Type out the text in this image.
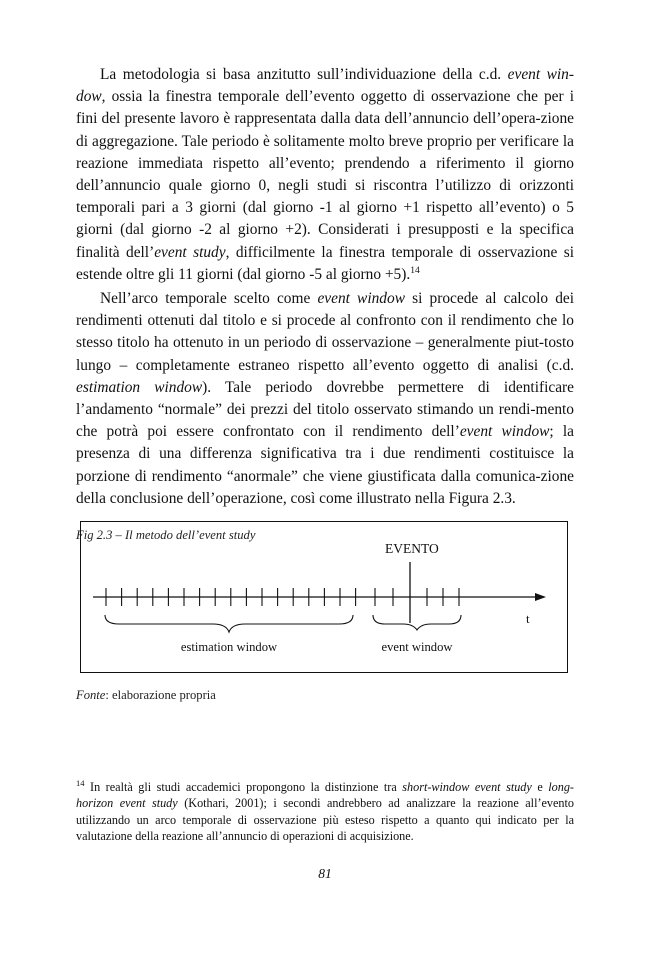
La metodologia si basa anzitutto sull’individuazione della c.d. event win-dow, ossia la finestra temporale dell’evento oggetto di osservazione che per i fini del presente lavoro è rappresentata dalla data dell’annuncio dell’opera-zione di aggregazione. Tale periodo è solitamente molto breve proprio per verificare la reazione immediata rispetto all’evento; prendendo a riferimento il giorno dell’annuncio quale giorno 0, negli studi si riscontra l’utilizzo di orizzonti temporali pari a 3 giorni (dal giorno -1 al giorno +1 rispetto all’evento) o 5 giorni (dal giorno -2 al giorno +2). Considerati i presupposti e la specifica finalità dell’event study, difficilmente la finestra temporale di osservazione si estende oltre gli 11 giorni (dal giorno -5 al giorno +5).$^{14}$

Nell’arco temporale scelto come event window si procede al calcolo dei rendimenti ottenuti dal titolo e si procede al confronto con il rendimento che lo stesso titolo ha ottenuto in un periodo di osservazione – generalmente piut-tosto lungo – completamente estraneo rispetto all’evento oggetto di analisi (c.d. estimation window). Tale periodo dovrebbe permettere di identificare l’andamento “normale” dei prezzi del titolo osservato stimando un rendi-mento che potrà poi essere confrontato con il rendimento dell’event window; la presenza di una differenza significativa tra i due rendimenti costituisce la porzione di rendimento “anormale” che viene giustificata dalla comunica-zione della conclusione dell’operazione, così come illustrato nella Figura 2.3.

Fig 2.3 – Il metodo dell’event study

EVENTO
t
estimation window	event window
Fonte: elaborazione propria
$^{14}$ In realtà gli studi accademici propongono la distinzione tra short-window event study e long-horizon event study (Kothari, 2001); i secondi andrebbero ad analizzare la reazione all’evento utilizzando un arco temporale di osservazione più esteso rispetto a quanto qui indicato per la valutazione della reazione all’annuncio di operazioni di acquisizione.
81
